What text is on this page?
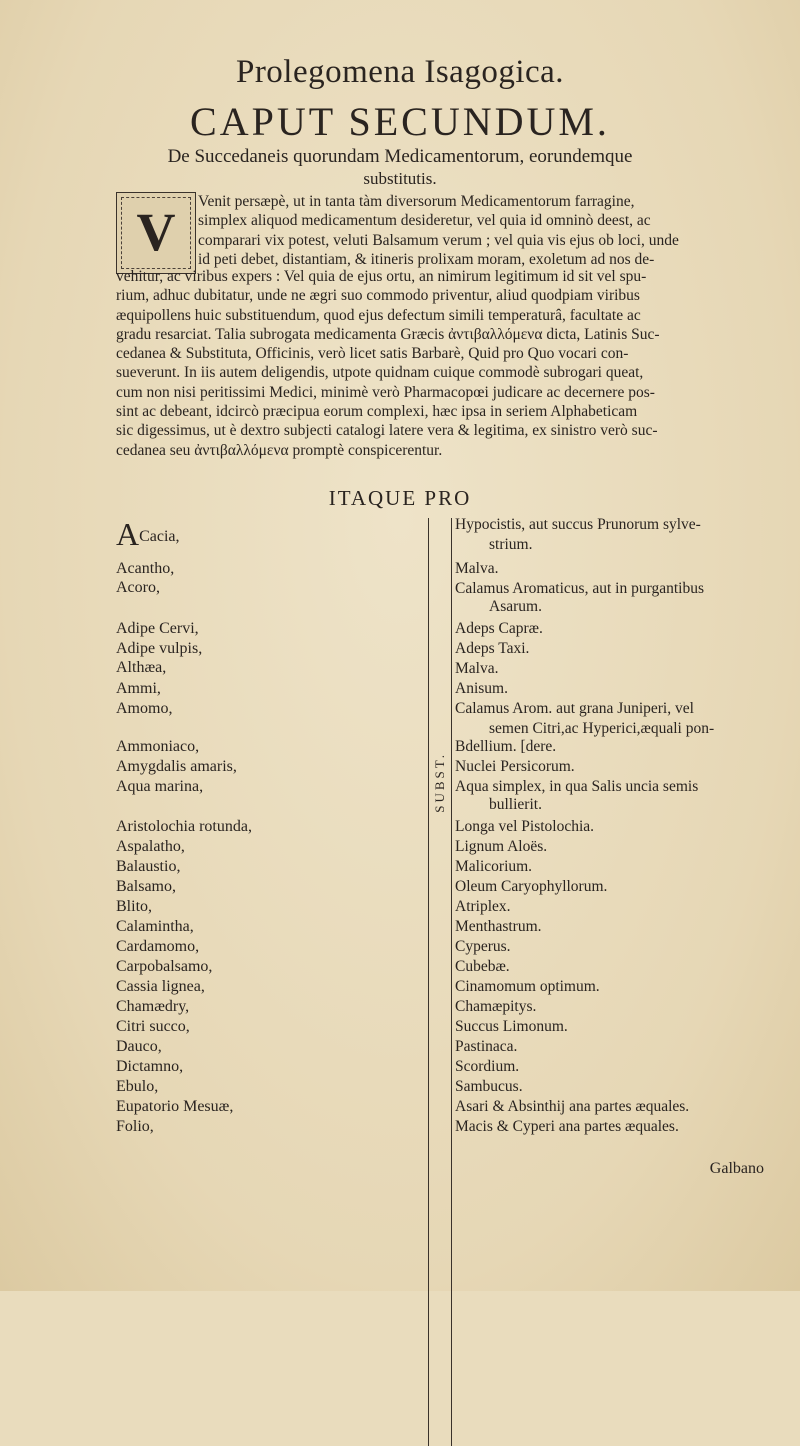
Prolegomena Isagogica.
CAPUT SECUNDUM.
De Succedaneis quorundam Medicamentorum, eorundemque
substitutis.
V
Venit persæpè, ut in tanta tàm diversorum Medicamentorum farragine,
simplex aliquod medicamentum desideretur, vel quia id omninò deest, ac
comparari vix potest, veluti Balsamum verum ; vel quia vis ejus ob loci, unde
id peti debet, distantiam, & itineris prolixam moram, exoletum ad nos de-
vehitur, ac viribus expers : Vel quia de ejus ortu, an nimirum legitimum id sit vel spu-
rium, adhuc dubitatur, unde ne ægri suo commodo priventur, aliud quodpiam viribus
æquipollens huic substituendum, quod ejus defectum simili temperaturâ, facultate ac
gradu resarciat. Talia subrogata medicamenta Græcis ἀντιβαλλόμενα dicta, Latinis Suc-
cedanea & Substituta, Officinis, verò licet satis Barbarè, Quid pro Quo vocari con-
sueverunt. In iis autem deligendis, utpote quidnam cuique commodè subrogari queat,
cum non nisi peritissimi Medici, minimè verò Pharmacopœi judicare ac decernere pos-
sint ac debeant, idcircò præcipua eorum complexi, hæc ipsa in seriem Alphabeticam
sic digessimus, ut è dextro subjecti catalogi latere vera & legitima, ex sinistro verò suc-
cedanea seu ἀντιβαλλόμενα promptè conspicerentur.
ITAQUE PRO
ACacia,
Acantho,
Acoro,
Adipe Cervi,
Adipe vulpis,
Althæa,
Ammi,
Amomo,
Ammoniaco,
Amygdalis amaris,
Aqua marina,
Aristolochia rotunda,
Aspalatho,
Balaustio,
Balsamo,
Blito,
Calamintha,
Cardamomo,
Carpobalsamo,
Cassia lignea,
Chamædry,
Citri succo,
Dauco,
Dictamno,
Ebulo,
Eupatorio Mesuæ,
Folio,
SUBST.
Hypocistis, aut succus Prunorum sylve-
strium.
Malva.
Calamus Aromaticus, aut in purgantibus
Asarum.
Adeps Capræ.
Adeps Taxi.
Malva.
Anisum.
Calamus Arom. aut grana Juniperi, vel
semen Citri,ac Hyperici,æquali pon-
Bdellium. [dere.
Nuclei Persicorum.
Aqua simplex, in qua Salis uncia semis
bullierit.
Longa vel Pistolochia.
Lignum Aloës.
Malicorium.
Oleum Caryophyllorum.
Atriplex.
Menthastrum.
Cyperus.
Cubebæ.
Cinamomum optimum.
Chamæpitys.
Succus Limonum.
Pastinaca.
Scordium.
Sambucus.
Asari & Absinthij ana partes æquales.
Macis & Cyperi ana partes æquales.
Galbano
